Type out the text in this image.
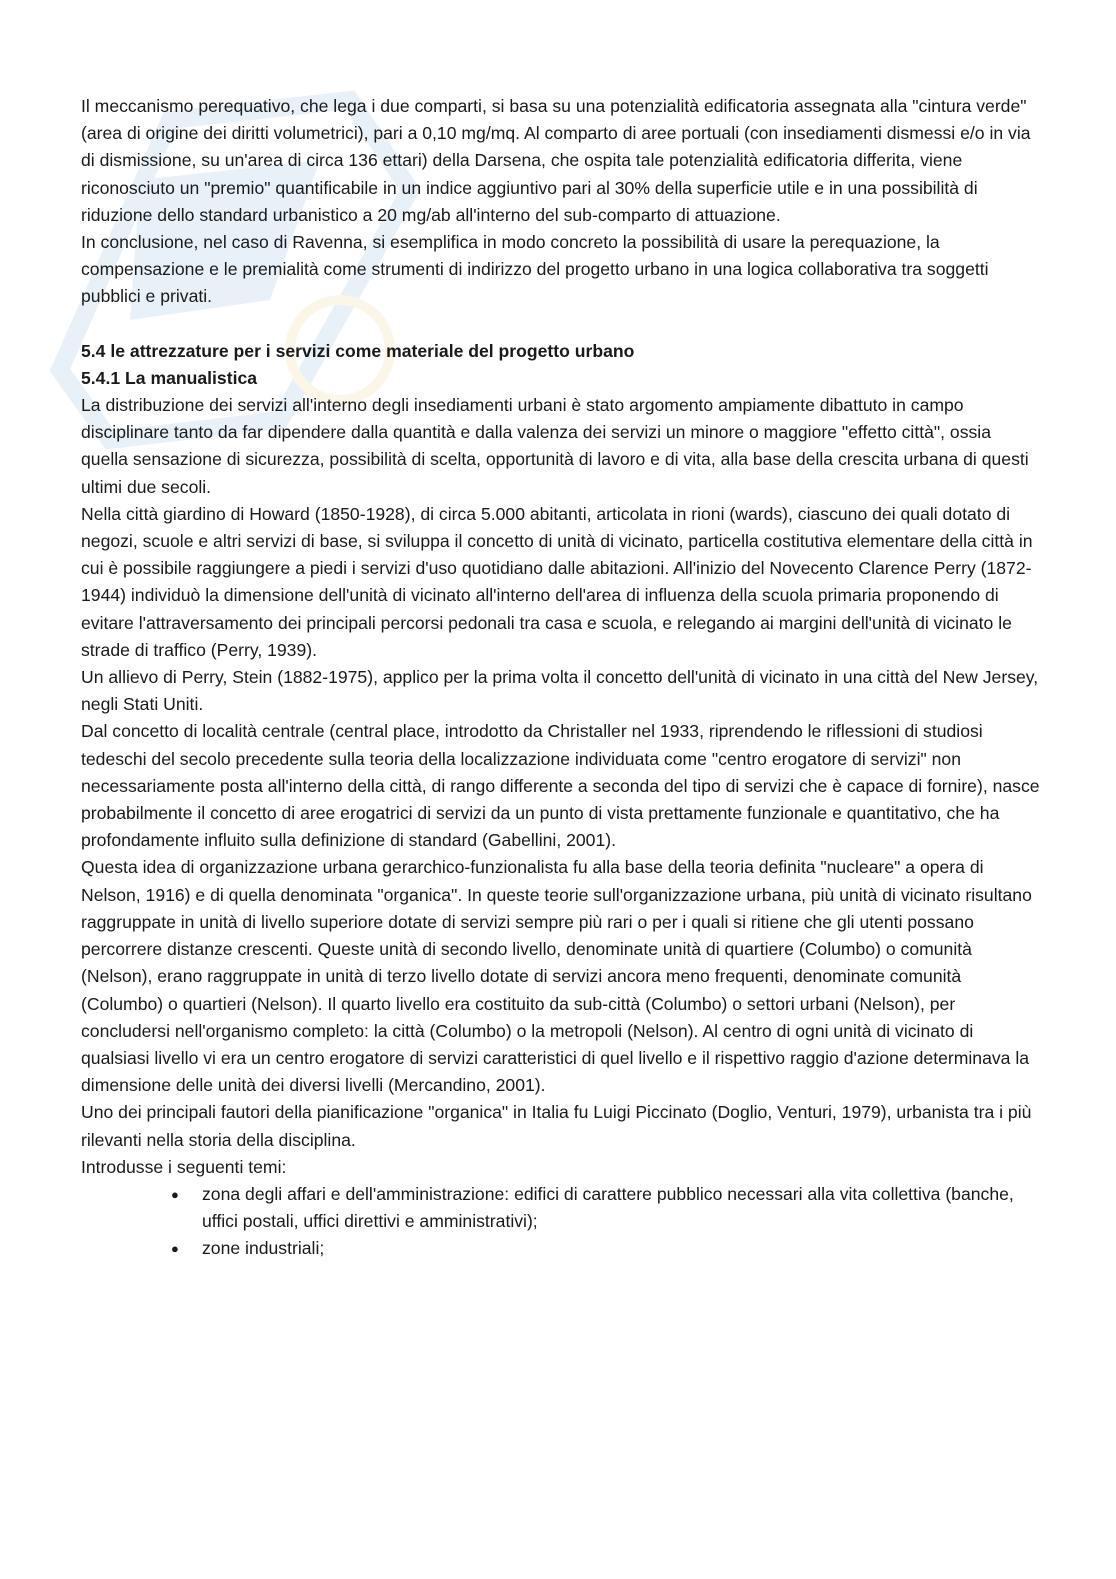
Il meccanismo perequativo, che lega i due comparti, si basa su una potenzialità edificatoria assegnata alla "cintura verde" (area di origine dei diritti volumetrici), pari a 0,10 mg/mq. Al comparto di aree portuali (con insediamenti dismessi e/o in via di dismissione, su un'area di circa 136 ettari) della Darsena, che ospita tale potenzialità edificatoria differita, viene riconosciuto un "premio" quantificabile in un indice aggiuntivo pari al 30% della superficie utile e in una possibilità di riduzione dello standard urbanistico a 20 mg/ab all'interno del sub-comparto di attuazione.

In conclusione, nel caso di Ravenna, si esemplifica in modo concreto la possibilità di usare la perequazione, la compensazione e le premialità come strumenti di indirizzo del progetto urbano in una logica collaborativa tra soggetti pubblici e privati.

5.4 le attrezzature per i servizi come materiale del progetto urbano

5.4.1 La manualistica

La distribuzione dei servizi all'interno degli insediamenti urbani è stato argomento ampiamente dibattuto in campo disciplinare tanto da far dipendere dalla quantità e dalla valenza dei servizi un minore o maggiore "effetto città", ossia quella sensazione di sicurezza, possibilità di scelta, opportunità di lavoro e di vita, alla base della crescita urbana di questi ultimi due secoli.

Nella città giardino di Howard (1850-1928), di circa 5.000 abitanti, articolata in rioni (wards), ciascuno dei quali dotato di negozi, scuole e altri servizi di base, si sviluppa il concetto di unità di vicinato, particella costitutiva elementare della città in cui è possibile raggiungere a piedi i servizi d'uso quotidiano dalle abitazioni. All'inizio del Novecento Clarence Perry (1872-1944) individuò la dimensione dell'unità di vicinato all'interno dell'area di influenza della scuola primaria proponendo di evitare l'attraversamento dei principali percorsi pedonali tra casa e scuola, e relegando ai margini dell'unità di vicinato le strade di traffico (Perry, 1939).

Un allievo di Perry, Stein (1882-1975), applico per la prima volta il concetto dell'unità di vicinato in una città del New Jersey, negli Stati Uniti.

Dal concetto di località centrale (central place, introdotto da Christaller nel 1933, riprendendo le riflessioni di studiosi tedeschi del secolo precedente sulla teoria della localizzazione individuata come "centro erogatore di servizi" non necessariamente posta all'interno della città, di rango differente a seconda del tipo di servizi che è capace di fornire), nasce probabilmente il concetto di aree erogatrici di servizi da un punto di vista prettamente funzionale e quantitativo, che ha profondamente influito sulla definizione di standard (Gabellini, 2001).

Questa idea di organizzazione urbana gerarchico-funzionalista fu alla base della teoria definita "nucleare" a opera di Nelson, 1916) e di quella denominata "organica". In queste teorie sull'organizzazione urbana, più unità di vicinato risultano raggruppate in unità di livello superiore dotate di servizi sempre più rari o per i quali si ritiene che gli utenti possano percorrere distanze crescenti. Queste unità di secondo livello, denominate unità di quartiere (Columbo) o comunità (Nelson), erano raggruppate in unità di terzo livello dotate di servizi ancora meno frequenti, denominate comunità (Columbo) o quartieri (Nelson). Il quarto livello era costituito da sub-città (Columbo) o settori urbani (Nelson), per concludersi nell'organismo completo: la città (Columbo) o la metropoli (Nelson). Al centro di ogni unità di vicinato di qualsiasi livello vi era un centro erogatore di servizi caratteristici di quel livello e il rispettivo raggio d'azione determinava la dimensione delle unità dei diversi livelli (Mercandino, 2001).

Uno dei principali fautori della pianificazione "organica" in Italia fu Luigi Piccinato (Doglio, Venturi, 1979), urbanista tra i più rilevanti nella storia della disciplina.

Introdusse i seguenti temi:

● zona degli affari e dell'amministrazione: edifici di carattere pubblico necessari alla vita collettiva (banche, uffici postali, uffici direttivi e amministrativi);
● zone industriali;
